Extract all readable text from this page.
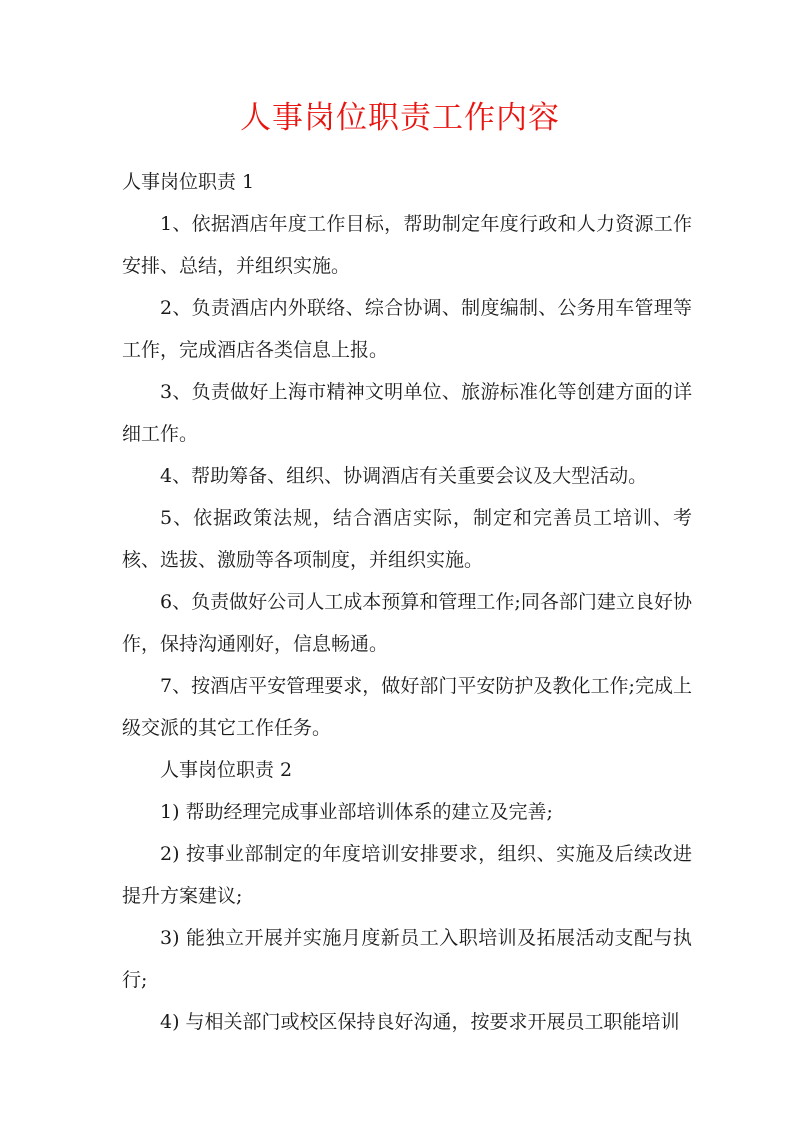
人事岗位职责工作内容

人事岗位职责 1

1、依据酒店年度工作目标，帮助制定年度行政和人力资源工作安排、总结，并组织实施。

2、负责酒店内外联络、综合协调、制度编制、公务用车管理等工作，完成酒店各类信息上报。

3、负责做好上海市精神文明单位、旅游标准化等创建方面的详细工作。

4、帮助筹备、组织、协调酒店有关重要会议及大型活动。

5、依据政策法规，结合酒店实际，制定和完善员工培训、考核、选拔、激励等各项制度，并组织实施。

6、负责做好公司人工成本预算和管理工作;同各部门建立良好协作，保持沟通刚好，信息畅通。

7、按酒店平安管理要求，做好部门平安防护及教化工作;完成上级交派的其它工作任务。

人事岗位职责 2

1) 帮助经理完成事业部培训体系的建立及完善;

2) 按事业部制定的年度培训安排要求，组织、实施及后续改进提升方案建议;

3) 能独立开展并实施月度新员工入职培训及拓展活动支配与执行;

4) 与相关部门或校区保持良好沟通，按要求开展员工职能培训
